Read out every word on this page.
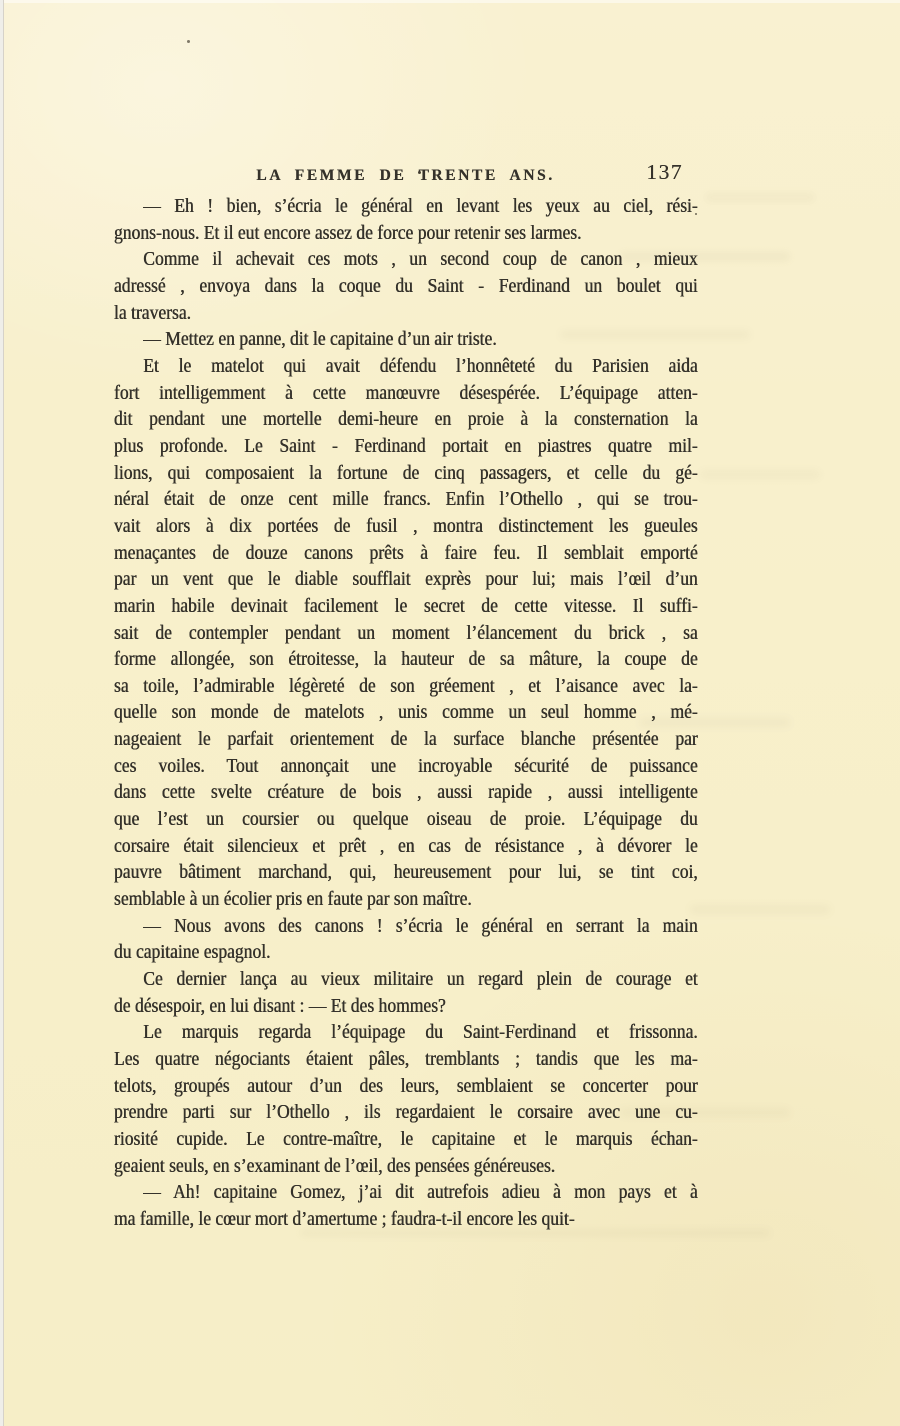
LA FEMME DE TRENTE ANS.	137
— Eh ! bien, s’écria le général en levant les yeux au ciel, rési-
gnons-nous. Et il eut encore assez de force pour retenir ses larmes.
Comme il achevait ces mots , un second coup de canon , mieux
adressé , envoya dans la coque du Saint - Ferdinand un boulet qui
la traversa.
— Mettez en panne, dit le capitaine d’un air triste.
Et le matelot qui avait défendu l’honnêteté du Parisien aida
fort intelligemment à cette manœuvre désespérée. L’équipage atten-
dit pendant une mortelle demi-heure en proie à la consternation la
plus profonde. Le Saint - Ferdinand portait en piastres quatre mil-
lions, qui composaient la fortune de cinq passagers, et celle du gé-
néral était de onze cent mille francs. Enfin l’Othello , qui se trou-
vait alors à dix portées de fusil , montra distinctement les gueules
menaçantes de douze canons prêts à faire feu. Il semblait emporté
par un vent que le diable soufflait exprès pour lui; mais l’œil d’un
marin habile devinait facilement le secret de cette vitesse. Il suffi-
sait de contempler pendant un moment l’élancement du brick , sa
forme allongée, son étroitesse, la hauteur de sa mâture, la coupe de
sa toile, l’admirable légèreté de son gréement , et l’aisance avec la-
quelle son monde de matelots , unis comme un seul homme , mé-
nageaient le parfait orientement de la surface blanche présentée par
ces voiles. Tout annonçait une incroyable sécurité de puissance
dans cette svelte créature de bois , aussi rapide , aussi intelligente
que l’est un coursier ou quelque oiseau de proie. L’équipage du
corsaire était silencieux et prêt , en cas de résistance , à dévorer le
pauvre bâtiment marchand, qui, heureusement pour lui, se tint coi,
semblable à un écolier pris en faute par son maître.
— Nous avons des canons ! s’écria le général en serrant la main
du capitaine espagnol.
Ce dernier lança au vieux militaire un regard plein de courage et
de désespoir, en lui disant : — Et des hommes?
Le marquis regarda l’équipage du Saint-Ferdinand et frissonna.
Les quatre négociants étaient pâles, tremblants ; tandis que les ma-
telots, groupés autour d’un des leurs, semblaient se concerter pour
prendre parti sur l’Othello , ils regardaient le corsaire avec une cu-
riosité cupide. Le contre-maître, le capitaine et le marquis échan-
geaient seuls, en s’examinant de l’œil, des pensées généreuses.
— Ah! capitaine Gomez, j’ai dit autrefois adieu à mon pays et à
ma famille, le cœur mort d’amertume ; faudra-t-il encore les quit-
